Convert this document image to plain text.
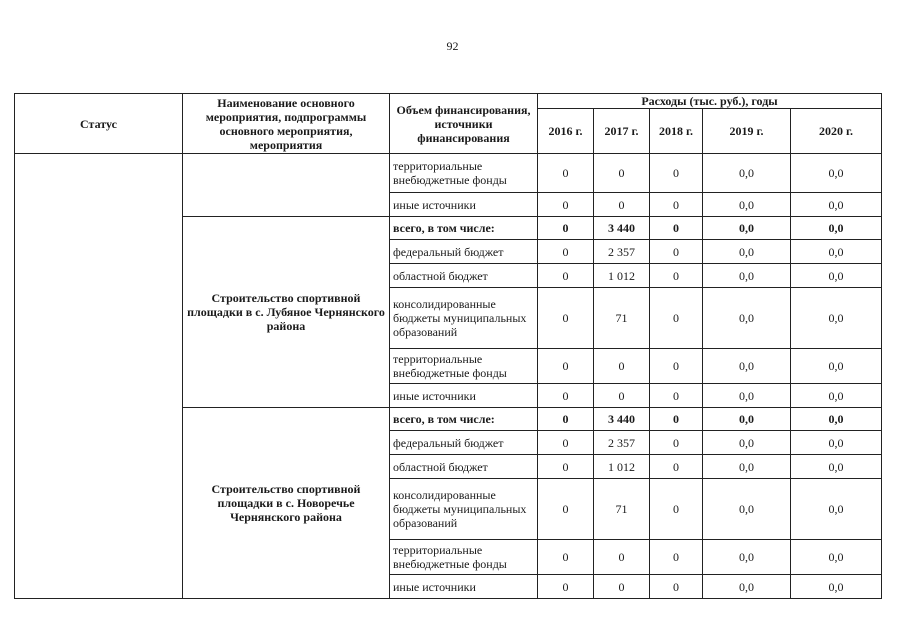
92
Статус	Наименование основного мероприятия, подпрограммы основного мероприятия, мероприятия	Объем финансирования, источники финансирования	Расходы (тыс. руб.), годы				
			2016 г.	2017 г.	2018 г.	2019 г.	2020 г.
		территориальные внебюджетные фонды	0	0	0	0,0	0,0
		иные источники	0	0	0	0,0	0,0
	Строительство спортивной площадки в с. Лубяное Чернянского района	всего, в том числе:	0	3 440	0	0,0	0,0
		федеральный бюджет	0	2 357	0	0,0	0,0
		областной бюджет	0	1 012	0	0,0	0,0
		консолидированные бюджеты муниципальных образований	0	71	0	0,0	0,0
		территориальные внебюджетные фонды	0	0	0	0,0	0,0
		иные источники	0	0	0	0,0	0,0
	Строительство спортивной площадки в с. Новоречье Чернянского района	всего, в том числе:	0	3 440	0	0,0	0,0
		федеральный бюджет	0	2 357	0	0,0	0,0
		областной бюджет	0	1 012	0	0,0	0,0
		консолидированные бюджеты муниципальных образований	0	71	0	0,0	0,0
		территориальные внебюджетные фонды	0	0	0	0,0	0,0
		иные источники	0	0	0	0,0	0,0
